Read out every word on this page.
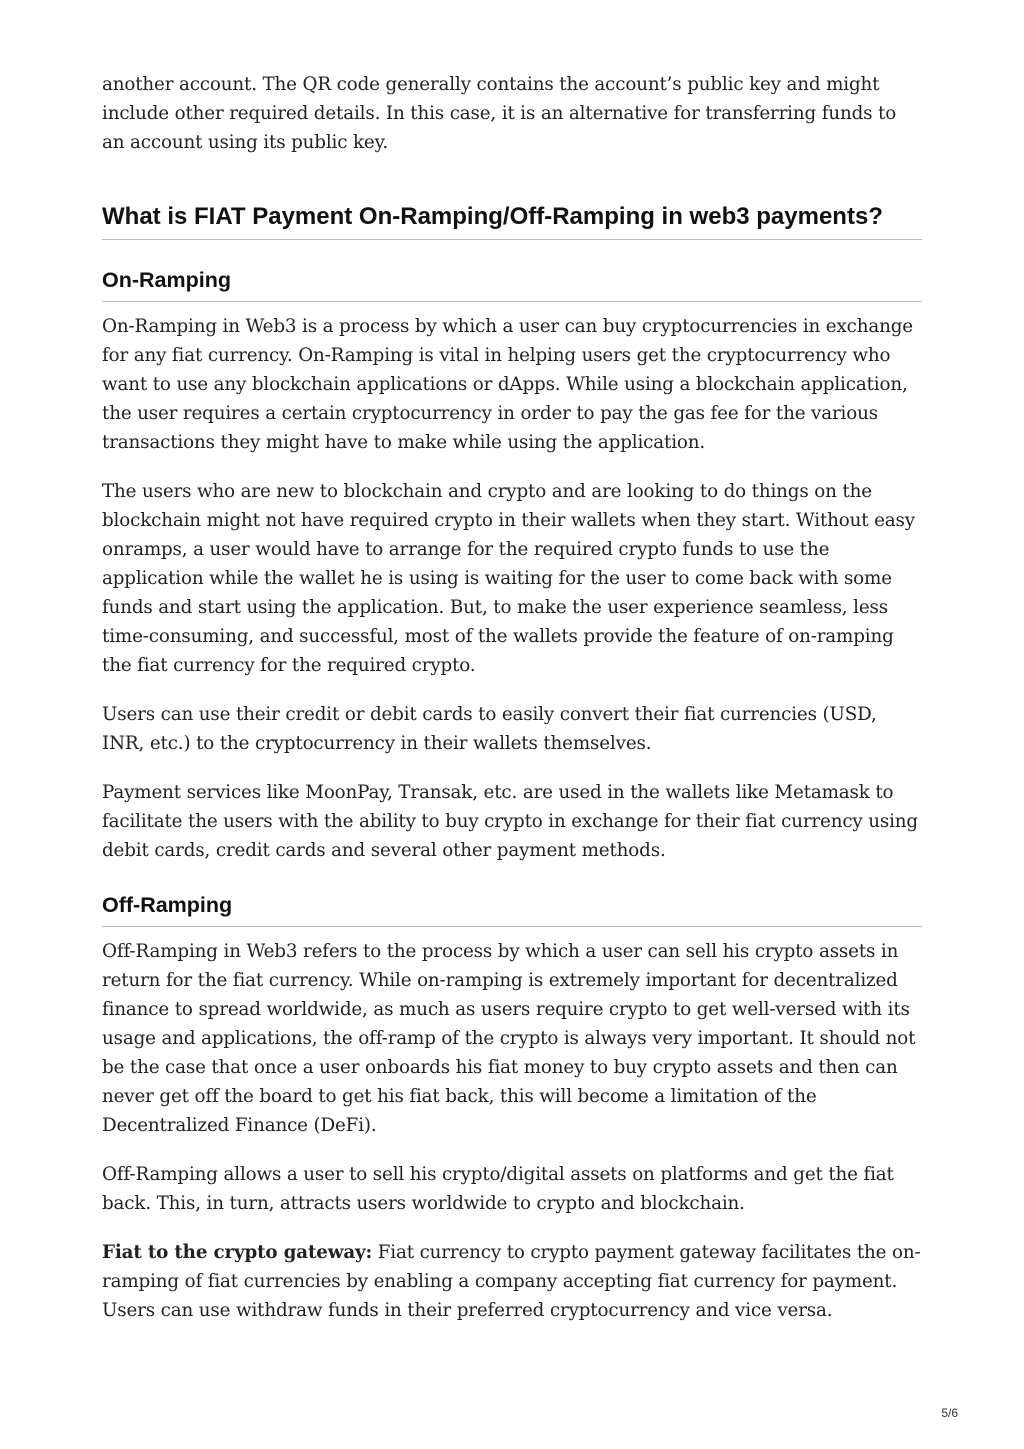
another account. The QR code generally contains the account’s public key and might include other required details. In this case, it is an alternative for transferring funds to an account using its public key.

What is FIAT Payment On-Ramping/Off-Ramping in web3 payments?
On-Ramping

On-Ramping in Web3 is a process by which a user can buy cryptocurrencies in exchange for any fiat currency. On-Ramping is vital in helping users get the cryptocurrency who want to use any blockchain applications or dApps. While using a blockchain application, the user requires a certain cryptocurrency in order to pay the gas fee for the various transactions they might have to make while using the application.

The users who are new to blockchain and crypto and are looking to do things on the blockchain might not have required crypto in their wallets when they start. Without easy onramps, a user would have to arrange for the required crypto funds to use the application while the wallet he is using is waiting for the user to come back with some funds and start using the application. But, to make the user experience seamless, less time-consuming, and successful, most of the wallets provide the feature of on-ramping the fiat currency for the required crypto.

Users can use their credit or debit cards to easily convert their fiat currencies (USD, INR, etc.) to the cryptocurrency in their wallets themselves.

Payment services like MoonPay, Transak, etc. are used in the wallets like Metamask to facilitate the users with the ability to buy crypto in exchange for their fiat currency using debit cards, credit cards and several other payment methods.

Off-Ramping

Off-Ramping in Web3 refers to the process by which a user can sell his crypto assets in return for the fiat currency. While on-ramping is extremely important for decentralized finance to spread worldwide, as much as users require crypto to get well-versed with its usage and applications, the off-ramp of the crypto is always very important. It should not be the case that once a user onboards his fiat money to buy crypto assets and then can never get off the board to get his fiat back, this will become a limitation of the Decentralized Finance (DeFi).

Off-Ramping allows a user to sell his crypto/digital assets on platforms and get the fiat back. This, in turn, attracts users worldwide to crypto and blockchain.

Fiat to the crypto gateway: Fiat currency to crypto payment gateway facilitates the on-ramping of fiat currencies by enabling a company accepting fiat currency for payment. Users can use withdraw funds in their preferred cryptocurrency and vice versa.

5/6
